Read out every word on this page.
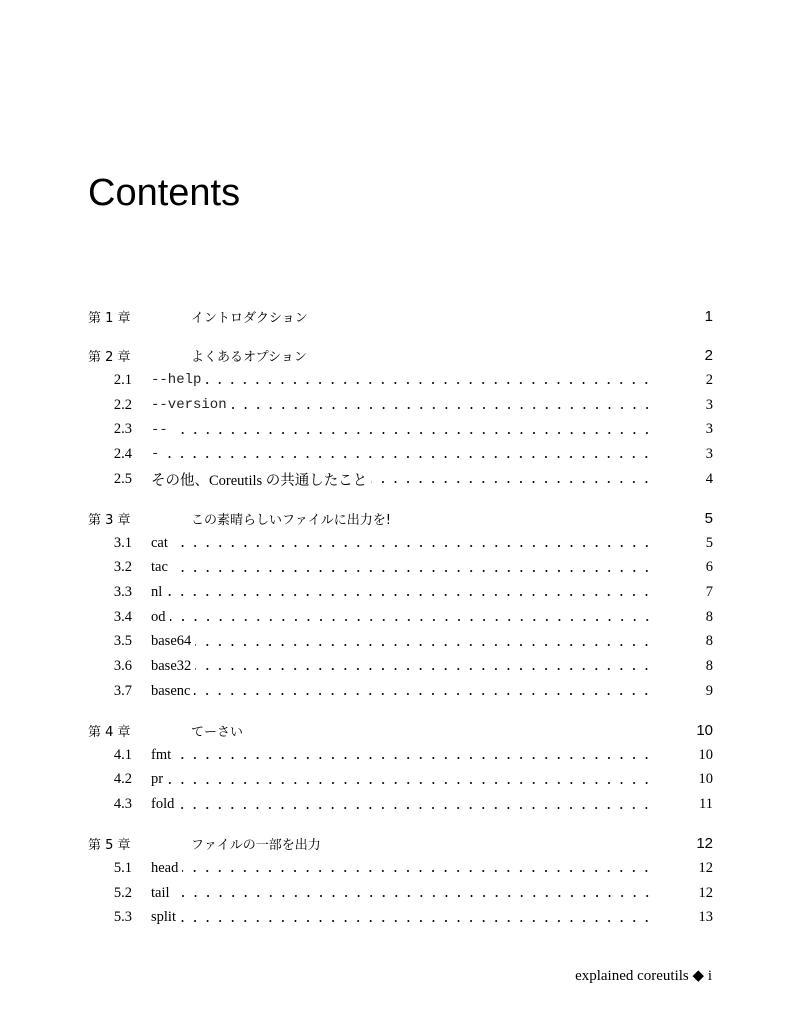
Contents
第 1 章	イントロダクション	1
第 2 章	よくあるオプション	2
2.1 --help	2
2.2 --version	3
2.3 --	3
2.4 -	3
2.5 その他、Coreutils の共通したこと	4
第 3 章	この素晴らしいファイルに出力を!	5
3.1 cat	5
3.2 tac	6
3.3 nl	7
3.4 od	8
3.5 base64	8
3.6 base32	8
3.7 basenc	9
第 4 章	てーさい	10
4.1 fmt	10
4.2 pr	10
4.3 fold	11
第 5 章	ファイルの一部を出力	12
5.1 head	12
5.2 tail	12
5.3 split	13
explained coreutils ◆ i
